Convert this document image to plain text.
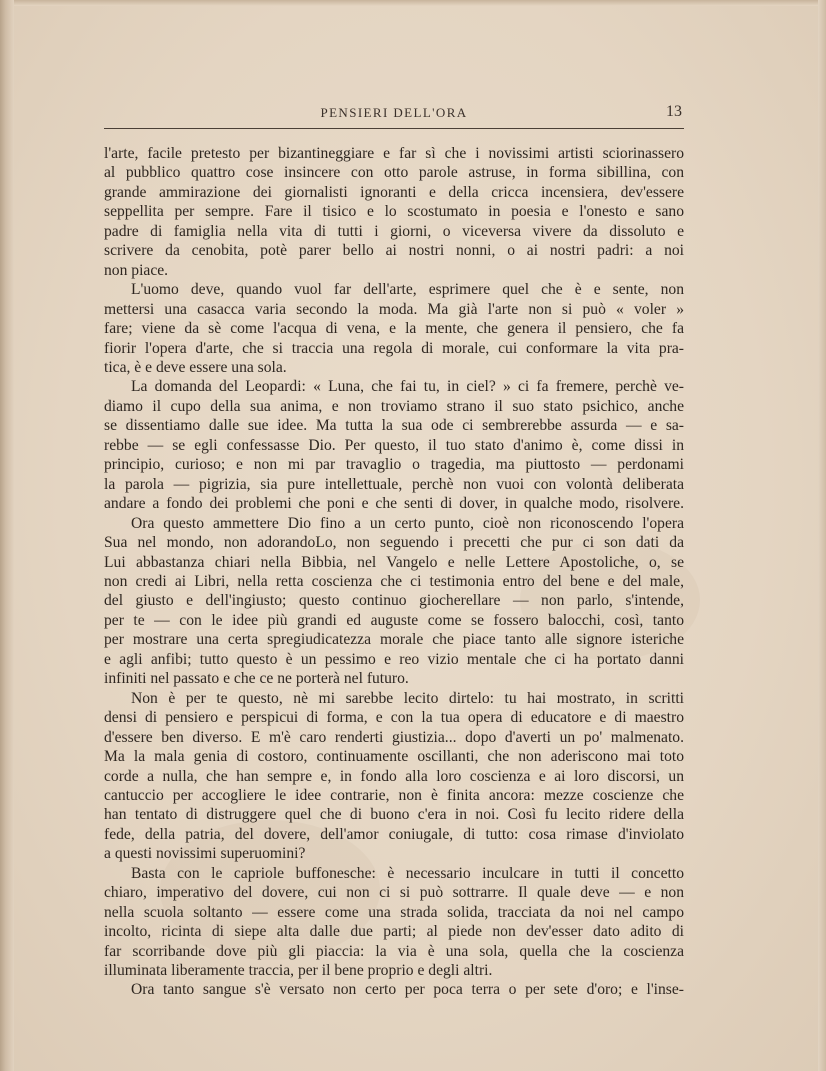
PENSIERI DELL'ORA	13

l'arte, facile pretesto per bizantineggiare e far sì che i novissimi artisti sciorinassero

al pubblico quattro cose insincere con otto parole astruse, in forma sibillina, con

grande ammirazione dei giornalisti ignoranti e della cricca incensiera, dev'essere

seppellita per sempre. Fare il tisico e lo scostumato in poesia e l'onesto e sano

padre di famiglia nella vita di tutti i giorni, o viceversa vivere da dissoluto e

scrivere da cenobita, potè parer bello ai nostri nonni, o ai nostri padri: a noi

non piace.

L'uomo deve, quando vuol far dell'arte, esprimere quel che è e sente, non

mettersi una casacca varia secondo la moda. Ma già l'arte non si può « voler »

fare; viene da sè come l'acqua di vena, e la mente, che genera il pensiero, che fa

fiorir l'opera d'arte, che si traccia una regola di morale, cui conformare la vita pra-

tica, è e deve essere una sola.

La domanda del Leopardi: « Luna, che fai tu, in ciel? » ci fa fremere, perchè ve-

diamo il cupo della sua anima, e non troviamo strano il suo stato psichico, anche

se dissentiamo dalle sue idee. Ma tutta la sua ode ci sembrerebbe assurda — e sa-

rebbe — se egli confessasse Dio. Per questo, il tuo stato d'animo è, come dissi in

principio, curioso; e non mi par travaglio o tragedia, ma piuttosto — perdonami

la parola — pigrizia, sia pure intellettuale, perchè non vuoi con volontà deliberata

andare a fondo dei problemi che poni e che senti di dover, in qualche modo, risolvere.

Ora questo ammettere Dio fino a un certo punto, cioè non riconoscendo l'opera

Sua nel mondo, non adorandoLo, non seguendo i precetti che pur ci son dati da

Lui abbastanza chiari nella Bibbia, nel Vangelo e nelle Lettere Apostoliche, o, se

non credi ai Libri, nella retta coscienza che ci testimonia entro del bene e del male,

del giusto e dell'ingiusto; questo continuo giocherellare — non parlo, s'intende,

per te — con le idee più grandi ed auguste come se fossero balocchi, così, tanto

per mostrare una certa spregiudicatezza morale che piace tanto alle signore isteriche

e agli anfibi; tutto questo è un pessimo e reo vizio mentale che ci ha portato danni

infiniti nel passato e che ce ne porterà nel futuro.

Non è per te questo, nè mi sarebbe lecito dirtelo: tu hai mostrato, in scritti

densi di pensiero e perspicui di forma, e con la tua opera di educatore e di maestro

d'essere ben diverso. E m'è caro renderti giustizia... dopo d'averti un po' malmenato.

Ma la mala genia di costoro, continuamente oscillanti, che non aderiscono mai toto

corde a nulla, che han sempre e, in fondo alla loro coscienza e ai loro discorsi, un

cantuccio per accogliere le idee contrarie, non è finita ancora: mezze coscienze che

han tentato di distruggere quel che di buono c'era in noi. Così fu lecito ridere della

fede, della patria, del dovere, dell'amor coniugale, di tutto: cosa rimase d'inviolato

a questi novissimi superuomini?

Basta con le capriole buffonesche: è necessario inculcare in tutti il concetto

chiaro, imperativo del dovere, cui non ci si può sottrarre. Il quale deve — e non

nella scuola soltanto — essere come una strada solida, tracciata da noi nel campo

incolto, ricinta di siepe alta dalle due parti; al piede non dev'esser dato adito di

far scorribande dove più gli piaccia: la via è una sola, quella che la coscienza

illuminata liberamente traccia, per il bene proprio e degli altri.

Ora tanto sangue s'è versato non certo per poca terra o per sete d'oro; e l'inse-
